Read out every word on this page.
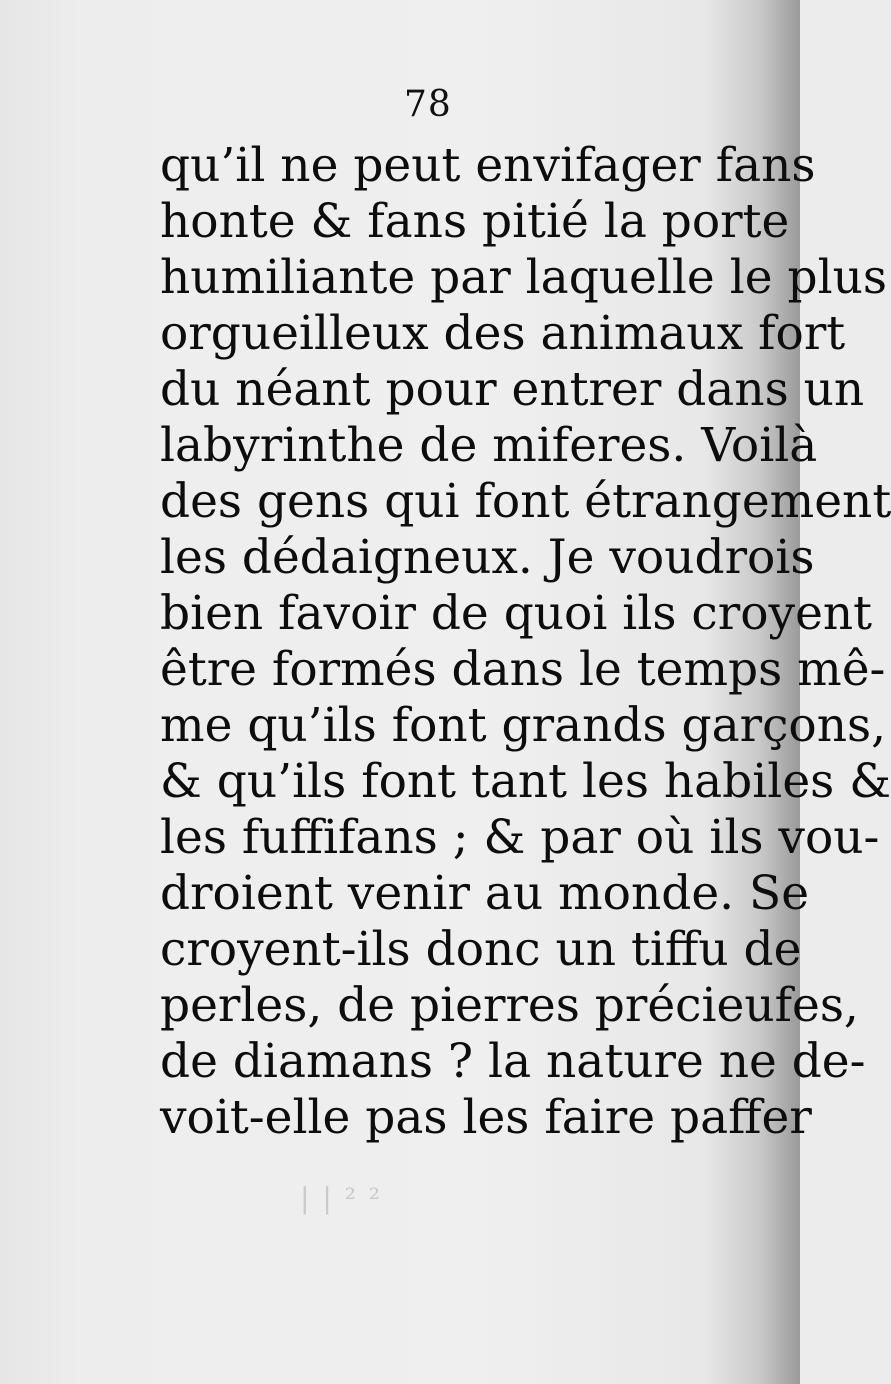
78
qu’il ne peut envifager fans
honte & fans pitié la porte
humiliante par laquelle le plus
orgueilleux des animaux fort
du néant pour entrer dans un
labyrinthe de miferes. Voilà
des gens qui font étrangement
les dédaigneux. Je voudrois
bien favoir de quoi ils croyent
être formés dans le temps mê-
me qu’ils font grands garçons,
& qu’ils font tant les habiles &
les fuffifans ; & par où ils vou-
droient venir au monde. Se
croyent-ils donc un tiffu de
perles, de pierres précieufes,
de diamans ? la nature ne de-
voit-elle pas les faire paffer
| | ² ²
